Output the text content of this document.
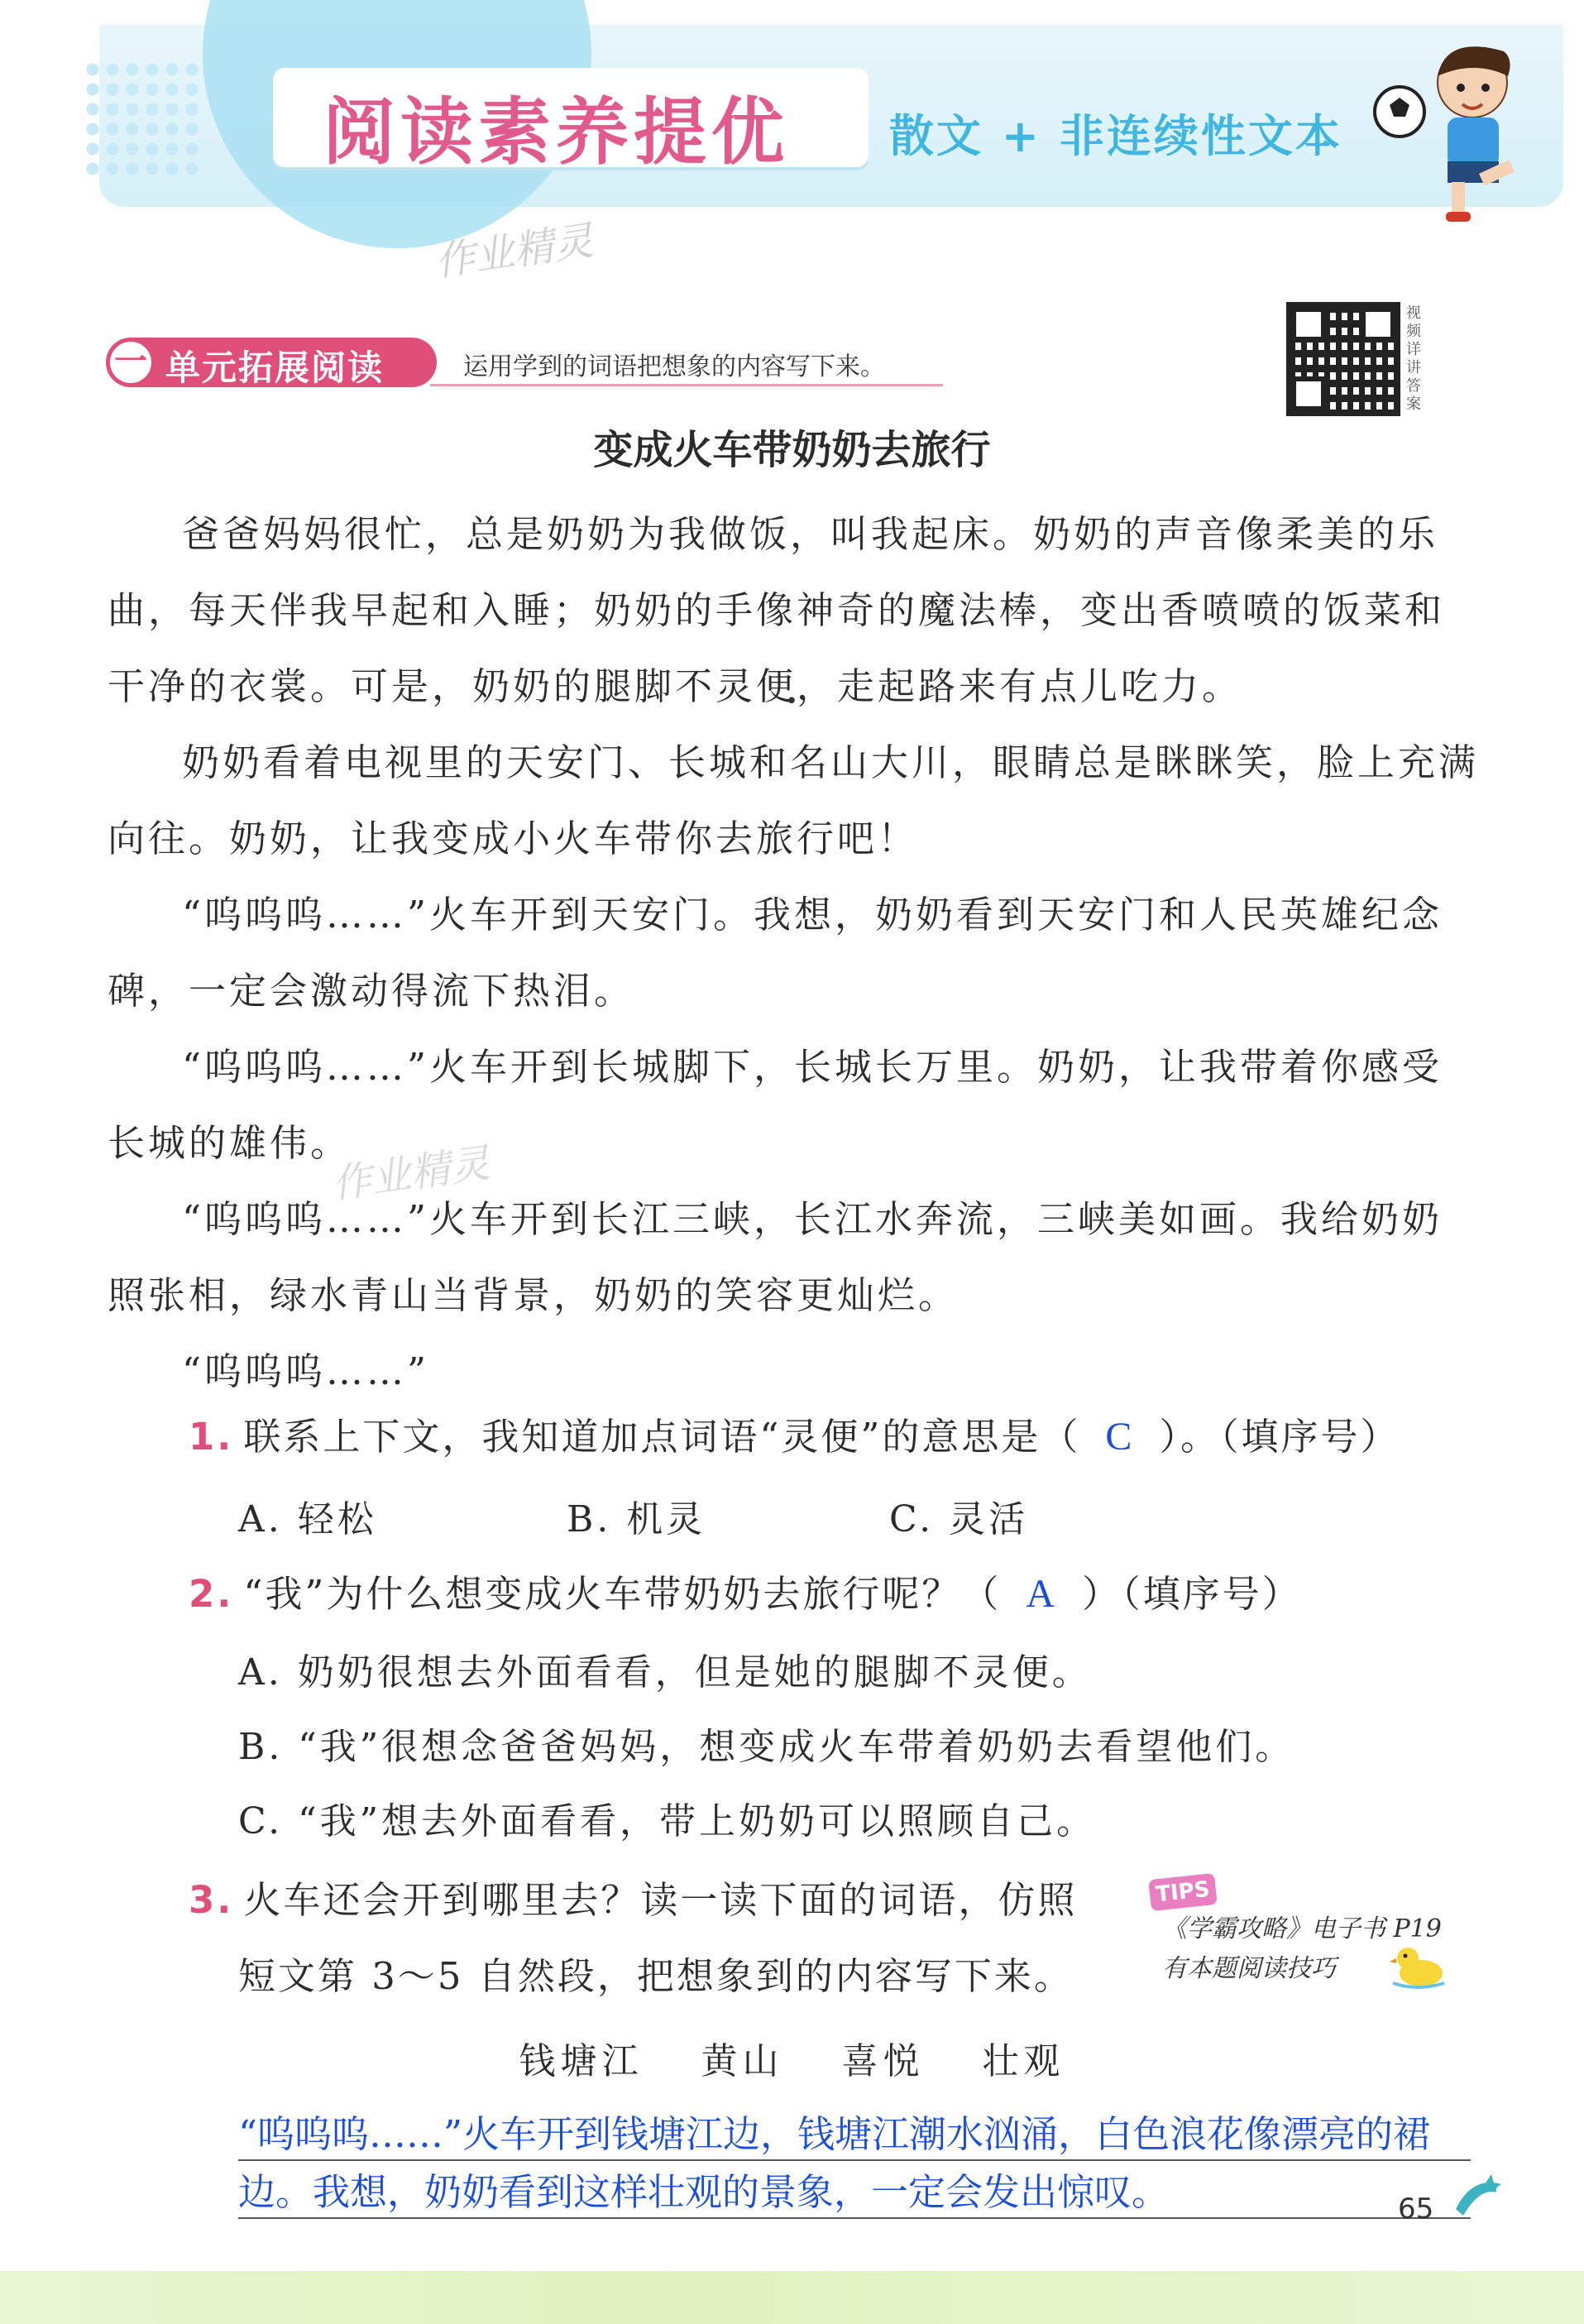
阅读素养提优 散文 + 非连续性文本
作业精灵
一 单元拓展阅读	运用学到的词语把想象的内容写下来。
视频详讲答案
变成火车带奶奶去旅行

爸爸妈妈很忙，总是奶奶为我做饭，叫我起床。奶奶的声音像柔美的乐曲，每天伴我早起和入睡；奶奶的手像神奇的魔法棒，变出香喷喷的饭菜和干净的衣裳。可是，奶奶的腿脚不灵便，走起路来有点儿吃力。

奶奶看着电视里的天安门、长城和名山大川，眼睛总是眯眯笑，脸上充满向往。奶奶，让我变成小火车带你去旅行吧！

“呜呜呜……”火车开到天安门。我想，奶奶看到天安门和人民英雄纪念碑，一定会激动得流下热泪。

“呜呜呜……”火车开到长城脚下，长城长万里。奶奶，让我带着你感受长城的雄伟。

“呜呜呜……”火车开到长江三峡，长江水奔流，三峡美如画。我给奶奶照张相，绿水青山当背景，奶奶的笑容更灿烂。

“呜呜呜……”

作业精灵
1. 联系上下文，我知道加点词语“灵便”的意思是（ C ）。（填序号）
A. 轻松	B. 机灵	C. 灵活
2. “我”为什么想变成火车带奶奶去旅行呢？（ A ）（填序号）
A. 奶奶很想去外面看看，但是她的腿脚不灵便。
B. “我”很想念爸爸妈妈，想变成火车带着奶奶去看望他们。
C. “我”想去外面看看，带上奶奶可以照顾自己。
3. 火车还会开到哪里去？读一读下面的词语，仿照
短文第 3～5 自然段，把想象到的内容写下来。
TIPS
《学霸攻略》电子书 P19
有本题阅读技巧
钱塘江 黄山 喜悦 壮观
“呜呜呜……”火车开到钱塘江边，钱塘江潮水汹涌，白色浪花像漂亮的裙边。我想，奶奶看到这样壮观的景象，一定会发出惊叹。	65
